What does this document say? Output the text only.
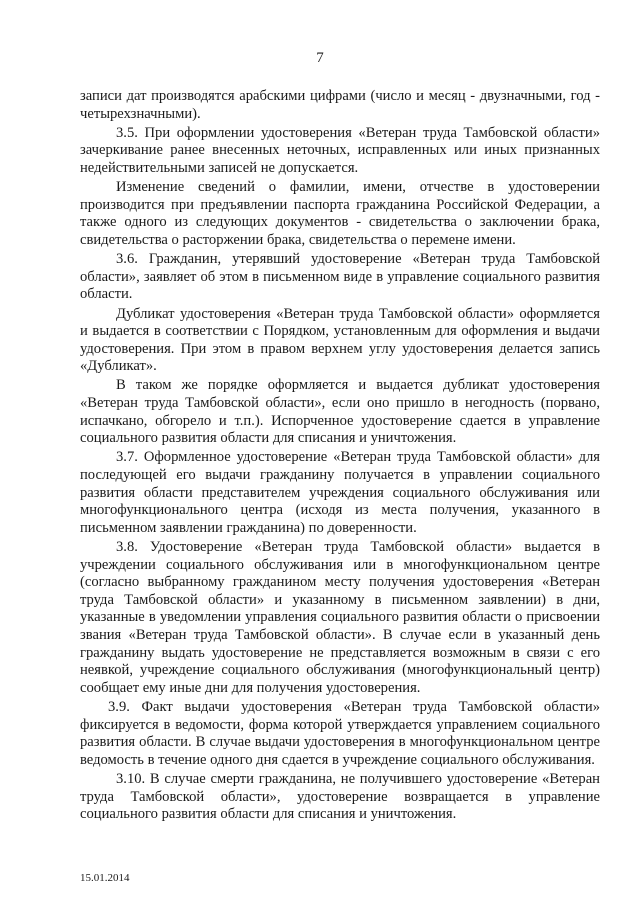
7

записи дат производятся арабскими цифрами (число и месяц - двузначными, год - четырехзначными).

3.5. При оформлении удостоверения «Ветеран труда Тамбовской области» зачеркивание ранее внесенных неточных, исправленных или иных признанных недействительными записей не допускается.

Изменение сведений о фамилии, имени, отчестве в удостоверении производится при предъявлении паспорта гражданина Российской Федерации, а также одного из следующих документов - свидетельства о заключении брака, свидетельства о расторжении брака, свидетельства о перемене имени.

3.6. Гражданин, утерявший удостоверение «Ветеран труда Тамбовской области», заявляет об этом в письменном виде в управление социального развития области.

Дубликат удостоверения «Ветеран труда Тамбовской области» оформляется и выдается в соответствии с Порядком, установленным для оформления и выдачи удостоверения. При этом в правом верхнем углу удостоверения делается запись «Дубликат».

В таком же порядке оформляется и выдается дубликат удостоверения «Ветеран труда Тамбовской области», если оно пришло в негодность (порвано, испачкано, обгорело и т.п.). Испорченное удостоверение сдается в управление социального развития области для списания и уничтожения.

3.7. Оформленное удостоверение «Ветеран труда Тамбовской области» для последующей его выдачи гражданину получается в управлении социального развития области представителем учреждения социального обслуживания или многофункционального центра (исходя из места получения, указанного в письменном заявлении гражданина) по доверенности.

3.8. Удостоверение «Ветеран труда Тамбовской области» выдается в учреждении социального обслуживания или в многофункциональном центре (согласно выбранному гражданином месту получения удостоверения «Ветеран труда Тамбовской области» и указанному в письменном заявлении) в дни, указанные в уведомлении управления социального развития области о присвоении звания «Ветеран труда Тамбовской области». В случае если в указанный день гражданину выдать удостоверение не представляется возможным в связи с его неявкой, учреждение социального обслуживания (многофункциональный центр) сообщает ему иные дни для получения удостоверения.

3.9. Факт выдачи удостоверения «Ветеран труда Тамбовской области» фиксируется в ведомости, форма которой утверждается управлением социального развития области. В случае выдачи удостоверения в многофункциональном центре ведомость в течение одного дня сдается в учреждение социального обслуживания.

3.10. В случае смерти гражданина, не получившего удостоверение «Ветеран труда Тамбовской области», удостоверение возвращается в управление социального развития области для списания и уничтожения.

15.01.2014
